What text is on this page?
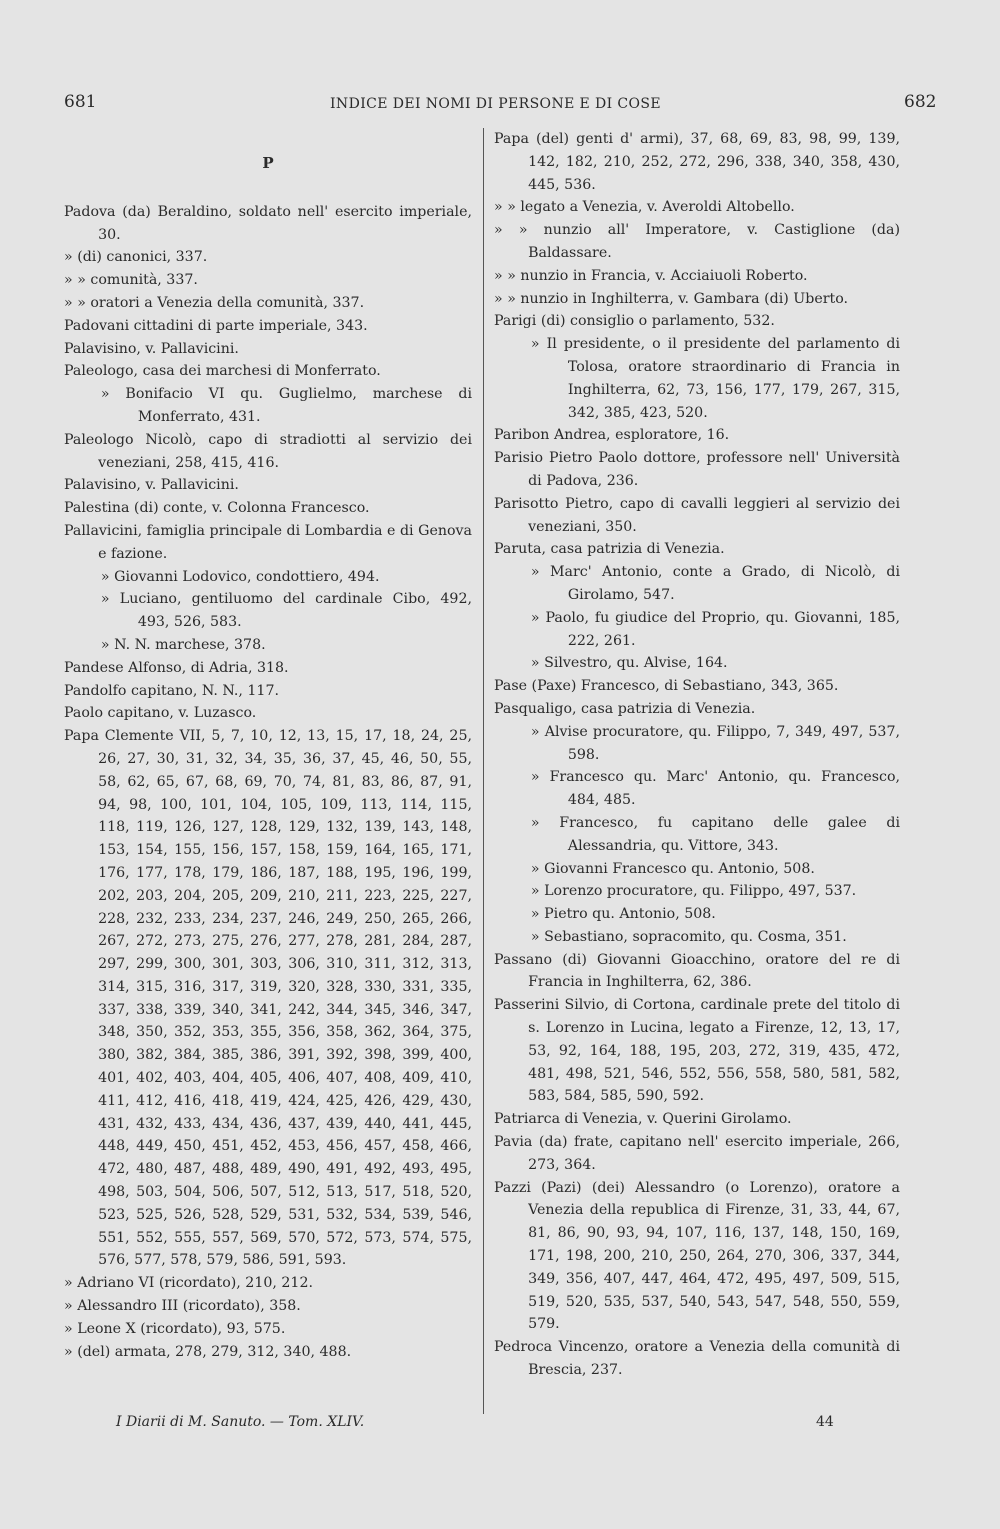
681	INDICE DEI NOMI DI PERSONE E DI COSE	682
P
Padova (da) Beraldino, soldato nell' esercito imperiale, 30.
» (di) canonici, 337.
» » comunità, 337.
» » oratori a Venezia della comunità, 337.
Padovani cittadini di parte imperiale, 343.
Palavisino, v. Pallavicini.
Paleologo, casa dei marchesi di Monferrato.
» Bonifacio VI qu. Guglielmo, marchese di Monferrato, 431.
Paleologo Nicolò, capo di stradiotti al servizio dei veneziani, 258, 415, 416.
Palavisino, v. Pallavicini.
Palestina (di) conte, v. Colonna Francesco.
Pallavicini, famiglia principale di Lombardia e di Genova e fazione.
» Giovanni Lodovico, condottiero, 494.
» Luciano, gentiluomo del cardinale Cibo, 492, 493, 526, 583.
» N. N. marchese, 378.
Pandese Alfonso, di Adria, 318.
Pandolfo capitano, N. N., 117.
Paolo capitano, v. Luzasco.
Papa Clemente VII, 5, 7, 10, 12, 13, 15, 17, 18, 24, 25, 26, 27, 30, 31, 32, 34, 35, 36, 37, 45, 46, 50, 55, 58, 62, 65, 67, 68, 69, 70, 74, 81, 83, 86, 87, 91, 94, 98, 100, 101, 104, 105, 109, 113, 114, 115, 118, 119, 126, 127, 128, 129, 132, 139, 143, 148, 153, 154, 155, 156, 157, 158, 159, 164, 165, 171, 176, 177, 178, 179, 186, 187, 188, 195, 196, 199, 202, 203, 204, 205, 209, 210, 211, 223, 225, 227, 228, 232, 233, 234, 237, 246, 249, 250, 265, 266, 267, 272, 273, 275, 276, 277, 278, 281, 284, 287, 297, 299, 300, 301, 303, 306, 310, 311, 312, 313, 314, 315, 316, 317, 319, 320, 328, 330, 331, 335, 337, 338, 339, 340, 341, 242, 344, 345, 346, 347, 348, 350, 352, 353, 355, 356, 358, 362, 364, 375, 380, 382, 384, 385, 386, 391, 392, 398, 399, 400, 401, 402, 403, 404, 405, 406, 407, 408, 409, 410, 411, 412, 416, 418, 419, 424, 425, 426, 429, 430, 431, 432, 433, 434, 436, 437, 439, 440, 441, 445, 448, 449, 450, 451, 452, 453, 456, 457, 458, 466, 472, 480, 487, 488, 489, 490, 491, 492, 493, 495, 498, 503, 504, 506, 507, 512, 513, 517, 518, 520, 523, 525, 526, 528, 529, 531, 532, 534, 539, 546, 551, 552, 555, 557, 569, 570, 572, 573, 574, 575, 576, 577, 578, 579, 586, 591, 593.
» Adriano VI (ricordato), 210, 212.
» Alessandro III (ricordato), 358.
» Leone X (ricordato), 93, 575.
» (del) armata, 278, 279, 312, 340, 488.
Papa (del) genti d' armi), 37, 68, 69, 83, 98, 99, 139, 142, 182, 210, 252, 272, 296, 338, 340, 358, 430, 445, 536.
» » legato a Venezia, v. Averoldi Altobello.
» » nunzio all' Imperatore, v. Castiglione (da) Baldassare.
» » nunzio in Francia, v. Acciaiuoli Roberto.
» » nunzio in Inghilterra, v. Gambara (di) Uberto.
Parigi (di) consiglio o parlamento, 532.
» Il presidente, o il presidente del parlamento di Tolosa, oratore straordinario di Francia in Inghilterra, 62, 73, 156, 177, 179, 267, 315, 342, 385, 423, 520.
Paribon Andrea, esploratore, 16.
Parisio Pietro Paolo dottore, professore nell' Università di Padova, 236.
Parisotto Pietro, capo di cavalli leggieri al servizio dei veneziani, 350.
Paruta, casa patrizia di Venezia.
» Marc' Antonio, conte a Grado, di Nicolò, di Girolamo, 547.
» Paolo, fu giudice del Proprio, qu. Giovanni, 185, 222, 261.
» Silvestro, qu. Alvise, 164.
Pase (Paxe) Francesco, di Sebastiano, 343, 365.
Pasqualigo, casa patrizia di Venezia.
» Alvise procuratore, qu. Filippo, 7, 349, 497, 537, 598.
» Francesco qu. Marc' Antonio, qu. Francesco, 484, 485.
» Francesco, fu capitano delle galee di Alessandria, qu. Vittore, 343.
» Giovanni Francesco qu. Antonio, 508.
» Lorenzo procuratore, qu. Filippo, 497, 537.
» Pietro qu. Antonio, 508.
» Sebastiano, sopracomito, qu. Cosma, 351.
Passano (di) Giovanni Gioacchino, oratore del re di Francia in Inghilterra, 62, 386.
Passerini Silvio, di Cortona, cardinale prete del titolo di s. Lorenzo in Lucina, legato a Firenze, 12, 13, 17, 53, 92, 164, 188, 195, 203, 272, 319, 435, 472, 481, 498, 521, 546, 552, 556, 558, 580, 581, 582, 583, 584, 585, 590, 592.
Patriarca di Venezia, v. Querini Girolamo.
Pavia (da) frate, capitano nell' esercito imperiale, 266, 273, 364.
Pazzi (Pazi) (dei) Alessandro (o Lorenzo), oratore a Venezia della republica di Firenze, 31, 33, 44, 67, 81, 86, 90, 93, 94, 107, 116, 137, 148, 150, 169, 171, 198, 200, 210, 250, 264, 270, 306, 337, 344, 349, 356, 407, 447, 464, 472, 495, 497, 509, 515, 519, 520, 535, 537, 540, 543, 547, 548, 550, 559, 579.
Pedroca Vincenzo, oratore a Venezia della comunità di Brescia, 237.
I Diarii di M. Sanuto. — Tom. XLIV.	44
